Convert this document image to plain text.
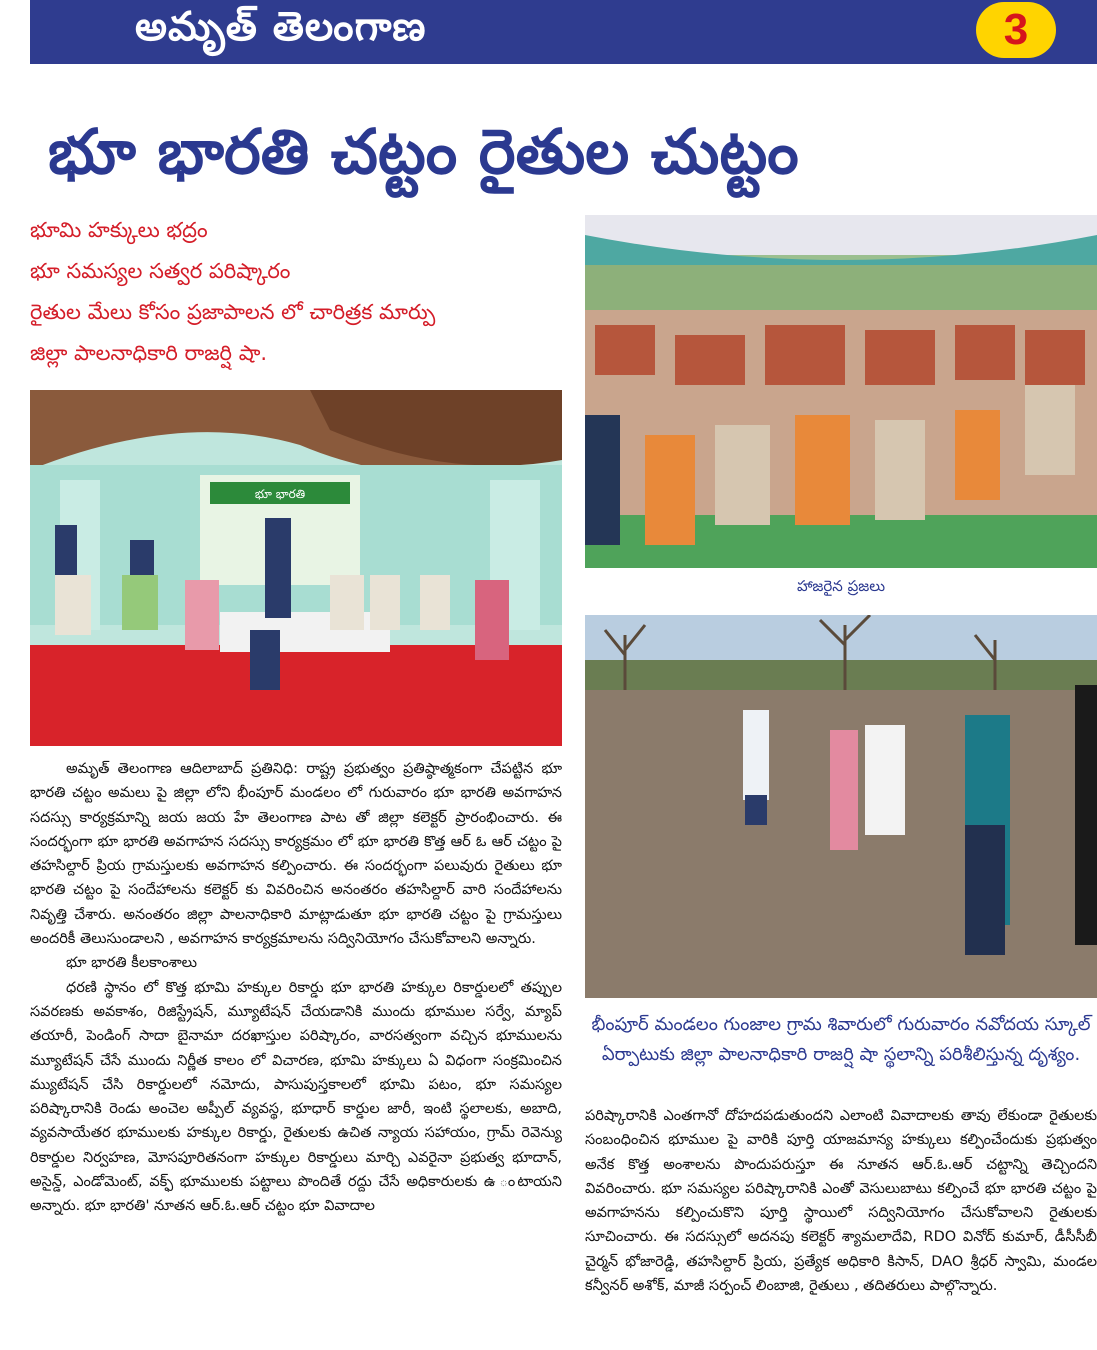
అమృత్ తెలంగాణ	3
భూ భారతి చట్టం రైతుల చుట్టం
భూమి హక్కులు భద్రం
భూ సమస్యల సత్వర పరిష్కారం
రైతుల మేలు కోసం ప్రజాపాలన లో చారిత్రక మార్పు
జిల్లా పాలనాధికారి రాజర్షి షా.
భూ భారతి
హాజరైన ప్రజలు
భీంపూర్ మండలం గుంజాల గ్రామ శివారులో గురువారం నవోదయ స్కూల్ ఏర్పాటుకు జిల్లా పాలనాధికారి రాజర్షి షా స్థలాన్ని పరిశీలిస్తున్న దృశ్యం.

అమృత్ తెలంగాణ ఆదిలాబాద్ ప్రతినిధి: రాష్ట్ర ప్రభుత్వం ప్రతిష్ఠాత్మకంగా చేపట్టిన భూ భారతి చట్టం అమలు పై జిల్లా లోని భీంపూర్ మండలం లో గురువారం భూ భారతి అవగాహన సదస్సు కార్యక్రమాన్ని జయ జయ హే తెలంగాణ పాట తో జిల్లా కలెక్టర్ ప్రారంభించారు. ఈ సందర్భంగా భూ భారతి అవగాహన సదస్సు కార్యక్రమం లో భూ భారతి కొత్త ఆర్ ఓ ఆర్ చట్టం పై తహసిల్దార్ ప్రియ గ్రామస్తులకు అవగాహన కల్పించారు. ఈ సందర్భంగా పలువురు రైతులు భూ భారతి చట్టం పై సందేహాలను కలెక్టర్ కు వివరించిన అనంతరం తహసిల్దార్ వారి సందేహాలను నివృత్తి చేశారు. అనంతరం జిల్లా పాలనాధికారి మాట్లాడుతూ భూ భారతి చట్టం పై గ్రామస్తులు అందరికీ తెలుసుండాలని , అవగాహన కార్యక్రమాలను సద్వినియోగం చేసుకోవాలని అన్నారు.

భూ భారతి కీలకాంశాలు

ధరణి స్థానం లో కొత్త భూమి హక్కుల రికార్డు భూ భారతి హక్కుల రికార్డులలో తప్పుల సవరణకు అవకాశం, రిజిస్ట్రేషన్, మ్యూటేషన్ చేయడానికి ముందు భూముల సర్వే, మ్యాప్ తయారీ, పెండింగ్ సాదా బైనామా దరఖాస్తుల పరిష్కారం, వారసత్వంగా వచ్చిన భూములను మ్యూటేషన్ చేసే ముందు నిర్ణీత కాలం లో విచారణ, భూమి హక్కులు ఏ విధంగా సంక్రమించిన మ్యుటేషన్ చేసి రికార్డులలో నమోదు, పాసుపుస్తకాలలో భూమి పటం, భూ సమస్యల పరిష్కారానికి రెండు అంచెల అప్పీల్ వ్యవస్థ, భూధార్ కార్డుల జారీ, ఇంటి స్థలాలకు, అబాది, వ్యవసాయేతర భూములకు హక్కుల రికార్డు, రైతులకు ఉచిత న్యాయ సహాయం, గ్రామ్ రెవెన్యు రికార్డుల నిర్వహణ, మోసపూరితనంగా హక్కుల రికార్డులు మార్చి ఎవరైనా ప్రభుత్వ భూదాన్, అసైన్డ్, ఎండోమెంట్, వక్ఫ్ భూములకు పట్టాలు పొందితే రద్దు చేసే అధికారులకు ఉ ంటాయని అన్నారు. భూ భారతి' నూతన ఆర్.ఓ.ఆర్ చట్టం భూ వివాదాల

పరిష్కారానికి ఎంతగానో దోహదపడుతుందని ఎలాంటి వివాదాలకు తావు లేకుండా రైతులకు సంబంధించిన భూముల పై వారికి పూర్తి యాజమాన్య హక్కులు కల్పించేందుకు ప్రభుత్వం అనేక కొత్త అంశాలను పొందుపరుస్తూ ఈ నూతన ఆర్.ఓ.ఆర్ చట్టాన్ని తెచ్చిందని వివరించారు. భూ సమస్యల పరిష్కారానికి ఎంతో వెసులుబాటు కల్పించే భూ భారతి చట్టం పై అవగాహనను కల్పించుకొని పూర్తి స్థాయిలో సద్వినియోగం చేసుకోవాలని రైతులకు సూచించారు. ఈ సదస్సులో అదనపు కలెక్టర్ శ్యామలాదేవి, RDO వినోద్ కుమార్, డీసీసీబీ చైర్మన్ భోజారెడ్డి, తహసిల్దార్ ప్రియ, ప్రత్యేక అధికారి కిసాన్, DAO శ్రీధర్ స్వామి, మండల కన్వీనర్ అశోక్, మాజీ సర్పంచ్ లింబాజి, రైతులు , తదితరులు పాల్గొన్నారు.
